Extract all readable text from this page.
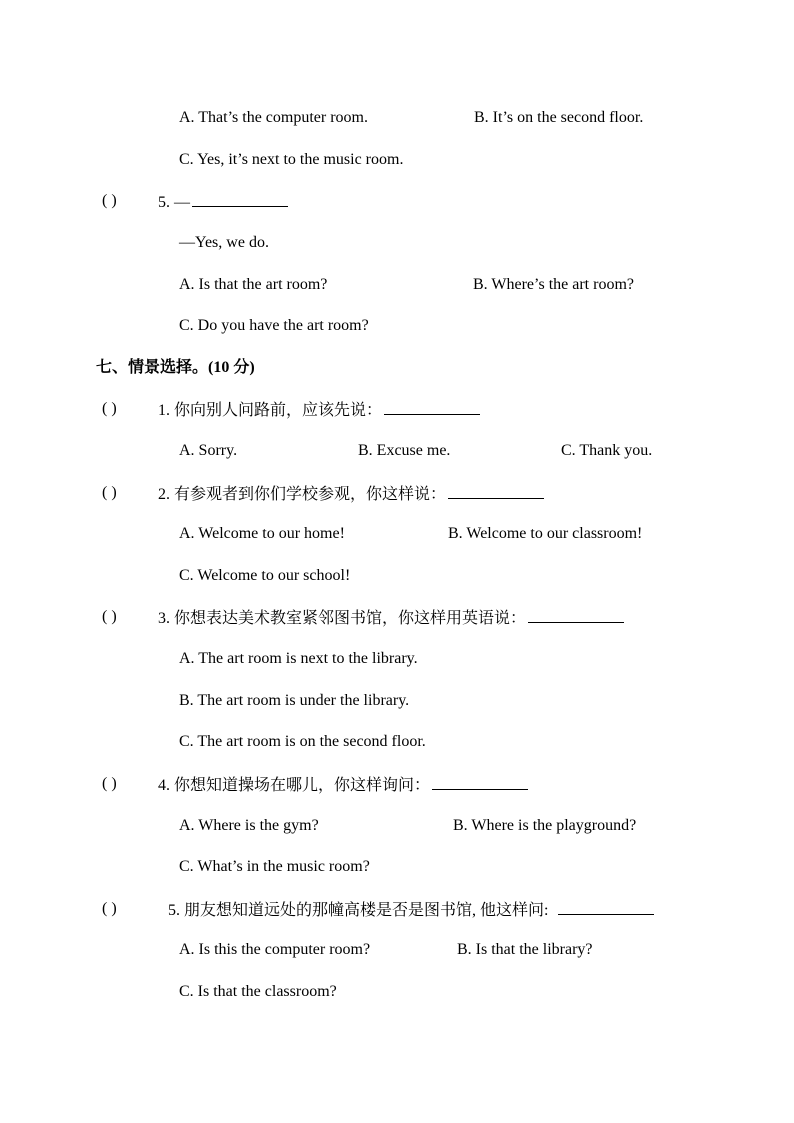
A. That’s the computer room.	B. It’s on the second floor.
C. Yes, it’s next to the music room.
( )	5. —
—Yes, we do.
A. Is that the art room?	B. Where’s the art room?
C. Do you have the art room?
七、情景选择。(10 分)
( )	1. 你向别人问路前，应该先说：
A. Sorry.	B. Excuse me.	C. Thank you.
( )	2. 有参观者到你们学校参观，你这样说：
A. Welcome to our home!	B. Welcome to our classroom!
C. Welcome to our school!
( )	3. 你想表达美术教室紧邻图书馆，你这样用英语说：
A. The art room is next to the library.
B. The art room is under the library.
C. The art room is on the second floor.
( )	4. 你想知道操场在哪儿，你这样询问：
A. Where is the gym?	B. Where is the playground?
C. What’s in the music room?
( )	5. 朋友想知道远处的那幢高楼是否是图书馆, 他这样问:
A. Is this the computer room?	B. Is that the library?
C. Is that the classroom?
